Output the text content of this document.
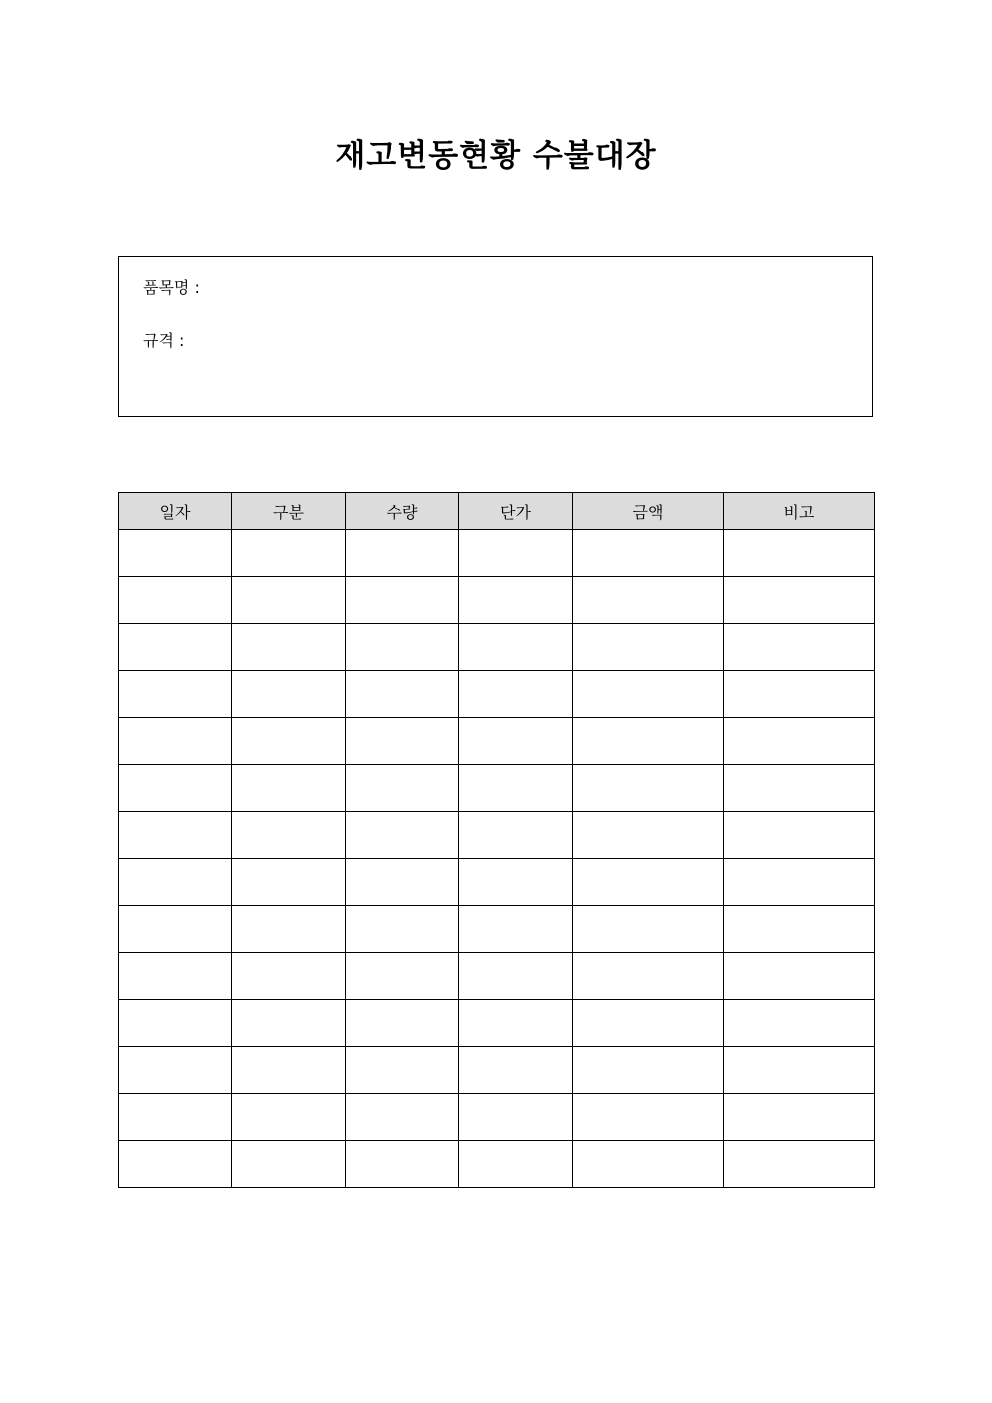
재고변동현황 수불대장
품목명 :
규격 :
일자	구분	수량	단가	금액	비고
